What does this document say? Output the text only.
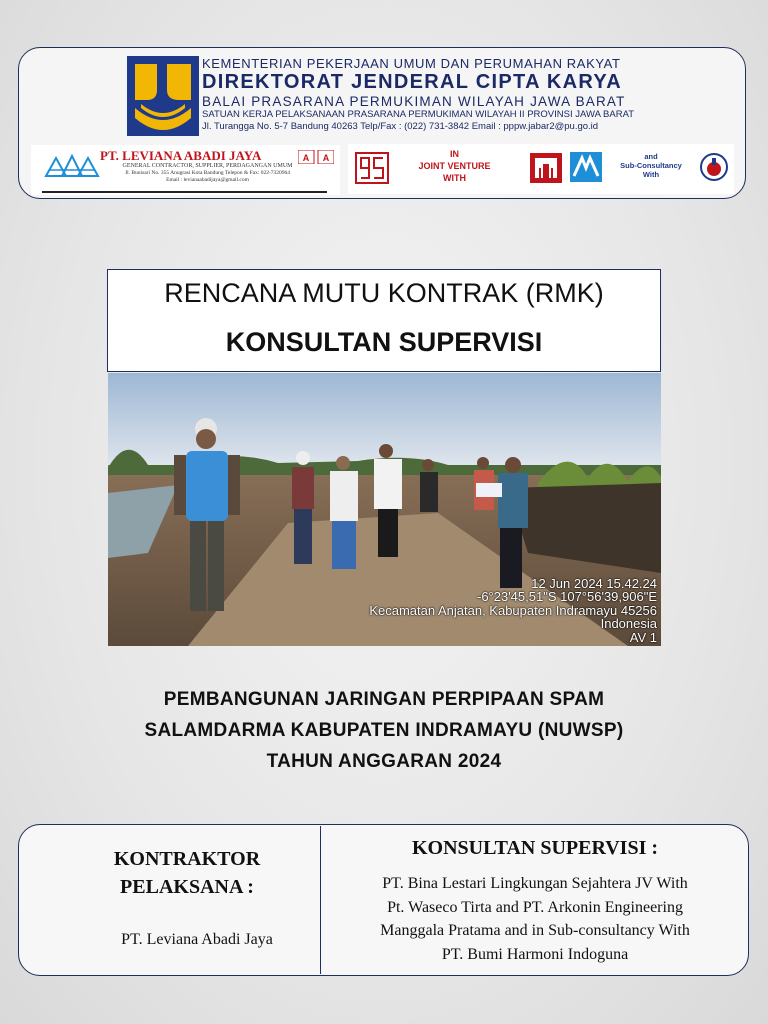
KEMENTERIAN PEKERJAAN UMUM DAN PERUMAHAN RAKYAT
DIREKTORAT JENDERAL CIPTA KARYA
BALAI PRASARANA PERMUKIMAN WILAYAH JAWA BARAT
SATUAN KERJA PELAKSANAAN PRASARANA PERMUKIMAN WILAYAH II PROVINSI JAWA BARAT
Jl. Turangga No. 5-7 Bandung 40263 Telp/Fax : (022) 731-3842 Email : pppw.jabar2@pu.go.id
PT. LEVIANA ABADI JAYA	A A
GENERAL CONTRACTOR, SUPPLIER, PERDAGANGAN UMUM
Jl. Bunisari No. 355 Anugrasi Kota Bandung Telepon & Fax: 022-7320964
Email : levianaabadijaya@gmail.com
IN
JOINT VENTURE
WITH
and
Sub-Consultancy
With
RENCANA MUTU KONTRAK (RMK)
KONSULTAN SUPERVISI
12 Jun 2024 15.42.24
-6°23'45,51"S 107°56'39,906"E
Kecamatan Anjatan, Kabupaten Indramayu 45256
Indonesia
AV 1
PEMBANGUNAN JARINGAN PERPIPAAN SPAM
SALAMDARMA KABUPATEN INDRAMAYU (NUWSP)
TAHUN ANGGARAN 2024
KONTRAKTOR
PELAKSANA :
PT. Leviana Abadi Jaya
KONSULTAN SUPERVISI :
PT. Bina Lestari Lingkungan Sejahtera JV With
Pt. Waseco Tirta and PT. Arkonin Engineering
Manggala Pratama and in Sub-consultancy With
PT. Bumi Harmoni Indoguna
